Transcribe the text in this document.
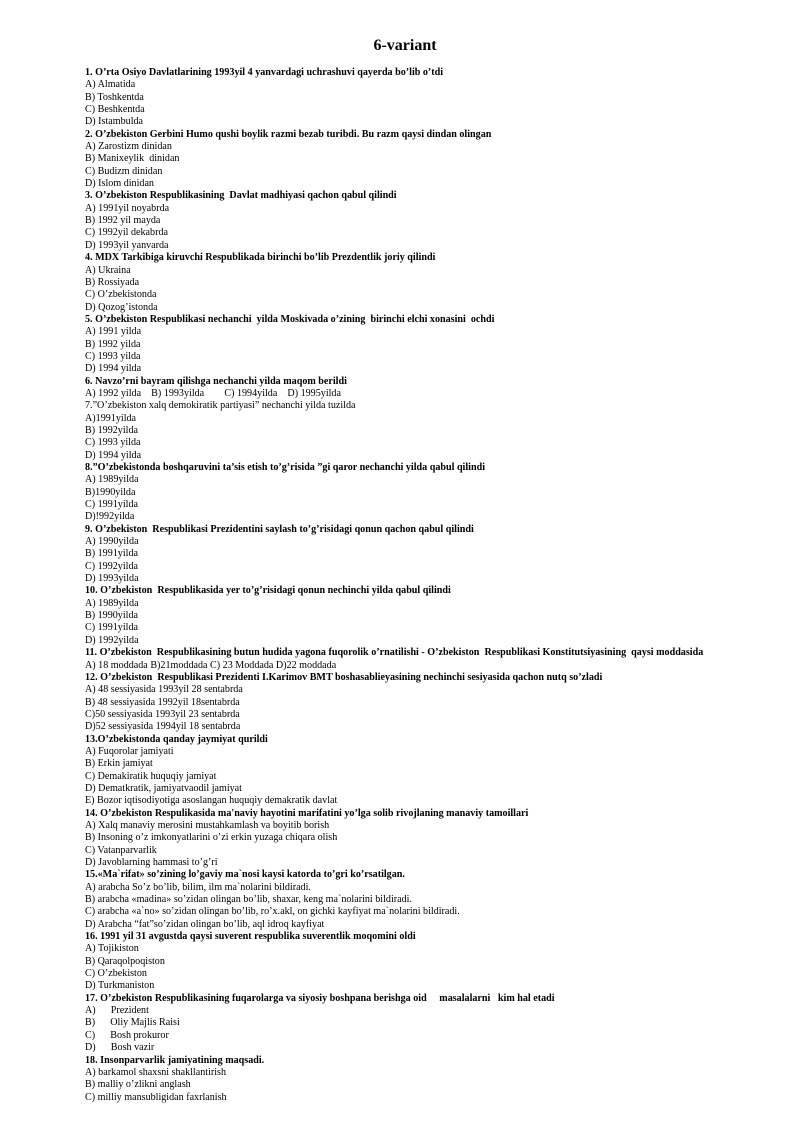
6-variant
1. O’rta Osiyo Davlatlarining 1993yil 4 yanvardagi uchrashuvi qayerda bo’lib o’tdi
A) Almatida
B) Toshkentda
C) Beshkentda
D) Istambulda
2. O’zbekiston Gerbini Humo qushi boylik razmi bezab turibdi. Bu razm qaysi dindan olingan
A) Zarostizm dinidan
B) Manixeylik  dinidan
C) Budizm dinidan
D) Islom dinidan
3. O’zbekiston Respublikasining  Davlat madhiyasi qachon qabul qilindi
A) 1991yil noyabrda
B) 1992 yil mayda
C) 1992yil dekabrda
D) 1993yil yanvarda
4. MDX Tarkibiga kiruvchi Respublikada birinchi bo’lib Prezdentlik joriy qilindi
A) Ukraina
B) Rossiyada
C) O’zbekistonda
D) Qozog’istonda
5. O’zbekiston Respublikasi nechanchi  yilda Moskivada o’zining  birinchi elchi xonasini  ochdi
A) 1991 yilda
B) 1992 yilda
C) 1993 yilda
D) 1994 yilda
6. Navzo’rni bayram qilishga nechanchi yilda maqom berildi
A) 1992 yilda    B) 1993yilda        C) 1994yilda    D) 1995yilda
7.”O’zbekiston xalq demokiratik partiyasi” nechanchi yilda tuzilda
A)1991yilda
B) 1992yilda
C) 1993 yilda
D) 1994 yilda
8.”O’zbekistonda boshqaruvini ta’sis etish to’g’risida ”gi qaror nechanchi yilda qabul qilindi
A) 1989yilda
B)1990yilda
C) 1991yilda
D)!992yilda
9. O’zbekiston  Respublikasi Prezidentini saylash to’g’risidagi qonun qachon qabul qilindi
A) 1990yilda
B) 1991yilda
C) 1992yilda
D) 1993yilda
10. O’zbekiston  Respublikasida yer to’g’risidagi qonun nechinchi yilda qabul qilindi
A) 1989yilda
B) 1990yilda
C) 1991yilda
D) 1992yilda
11. O’zbekiston  Respublikasining butun hudida yagona fuqorolik o’rnatilishi - O’zbekiston  Respublikasi Konstitutsiyasining  qaysi moddasida
A) 18 moddada B)21moddada C) 23 Moddada D)22 moddada
12. O’zbekiston  Respublikasi Prezidenti I.Karimov BMT boshasablieyasining nechinchi sesiyasida qachon nutq so’zladi
A) 48 sessiyasida 1993yil 28 sentabrda
B) 48 sessiyasida 1992yil 18sentabrda
C)50 sessiyasida 1993yil 23 sentabrda
D)52 sessiyasida 1994yil 18 sentabrda
13.O’zbekistonda qanday jaymiyat qurildi
A) Fuqorolar jamiyati
B) Erkin jamiyat
C) Demakiratik huquqiy jamiyat
D) Dematkratik, jamiyatvaodil jamiyat
E) Bozor iqtisodiyotiga asoslangan huquqiy demakratik davlat
14. O’zbekiston Respulikasida ma'naviy hayotini marifatini yo’lga solib rivojlaning manaviy tamoillari
A) Xalq manaviy merosini mustahkamlash va boyitib borish
B) Insoning o’z imkonyatlarini o’zi erkin yuzaga chiqara olish
C) Vatanparvarlik
D) Javoblarning hammasi to’g’ri
15.«Ma`rifat» so’zining lo’gaviy ma`nosi kaysi katorda to’gri ko’rsatilgan.
A) arabcha So’z bo’lib, bilim, ilm ma`nolarini bildiradi.
B) arabcha «madina» so’zidan olingan bo’lib, shaxar, keng ma`nolarini bildiradi.
C) arabcha «a`no» so’zidan olingan bo’lib, ro’x.akl, on gichki kayfiyat ma`nolarini bildiradi.
D) Arabcha “fat”so’zidan olingan bo’lib, aql idroq kayfiyat
16. 1991 yil 31 avgustda qaysi suverent respublika suverentlik moqomini oldi
A) Tojikiston
B) Qaraqolpoqiston
C) O’zbekiston
D) Turkmaniston
17. O’zbekiston Respublikasining fuqarolarga va siyosiy boshpana berishga oid     masalalarni   kim hal etadi
A)      Prezident
B)      Oliy Majlis Raisi
C)      Bosh prokuror
D)      Bosh vazir
18. Insonparvarlik jamiyatining maqsadi.
A) barkamol shaxsni shakllantirish
B) malliy o’zlikni anglash
C) milliy mansubligidan faxrlanish
